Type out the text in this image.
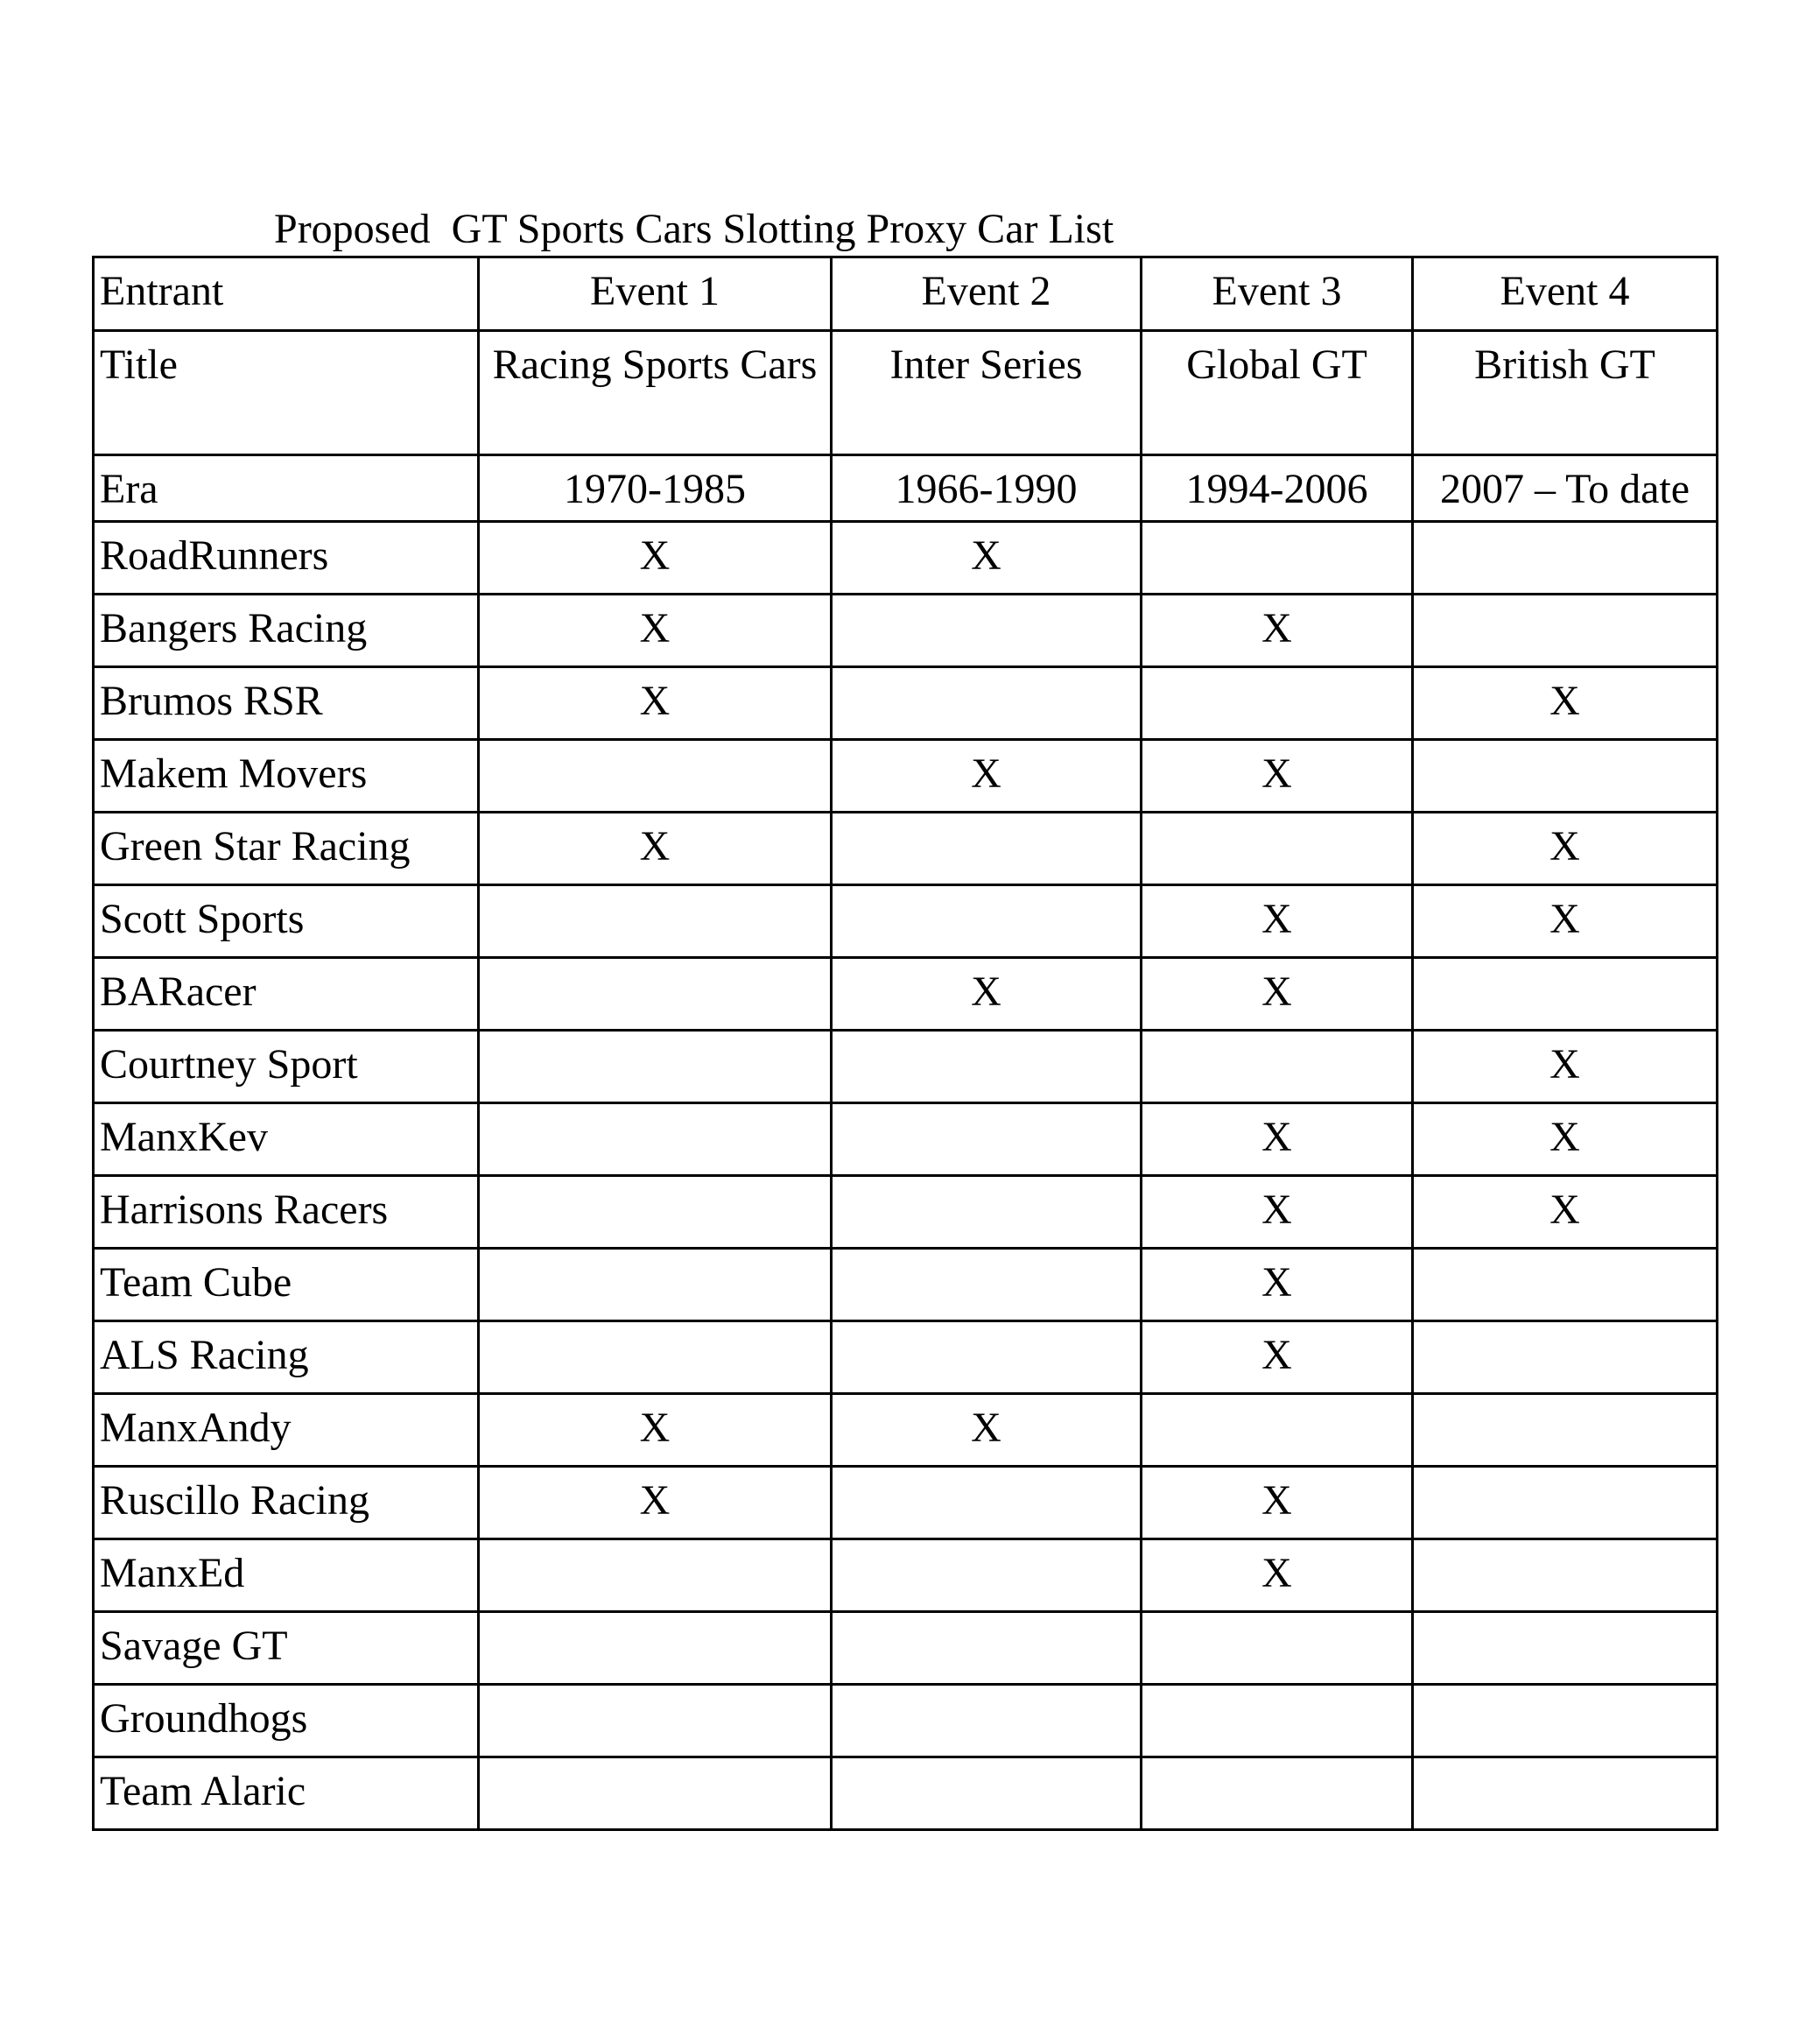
Proposed  GT Sports Cars Slotting Proxy Car List
Entrant	Event 1	Event 2	Event 3	Event 4
Title	Racing Sports Cars	Inter Series	Global GT	British GT
Era	1970-1985	1966-1990	1994-2006	2007 – To date
RoadRunners	X	X		
Bangers Racing	X		X	
Brumos RSR	X			X
Makem Movers		X	X	
Green Star Racing	X			X
Scott Sports			X	X
BARacer		X	X	
Courtney Sport				X
ManxKev			X	X
Harrisons Racers			X	X
Team Cube			X	
ALS Racing			X	
ManxAndy	X	X		
Ruscillo Racing	X		X	
ManxEd			X	
Savage GT				
Groundhogs				
Team Alaric				
